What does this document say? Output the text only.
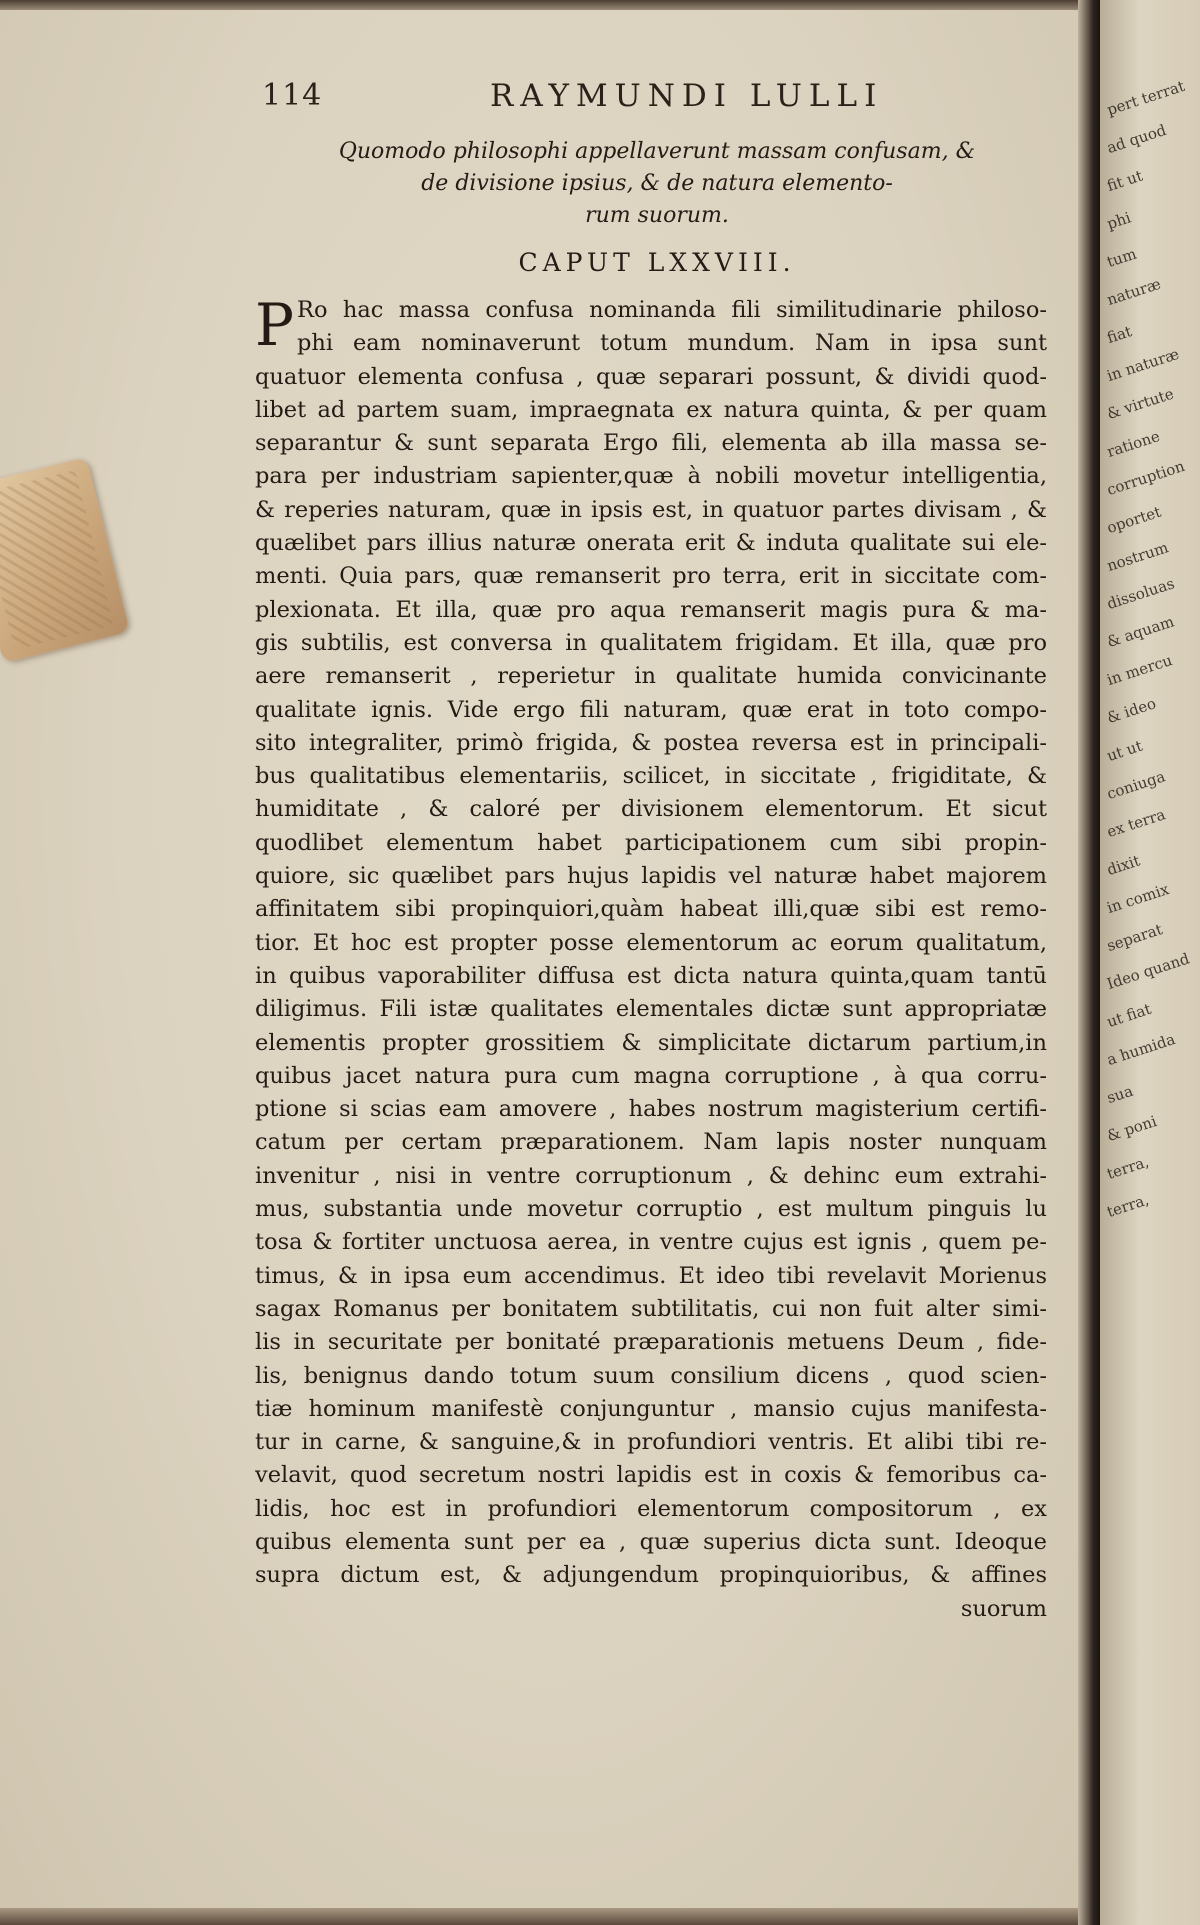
114	RAYMUNDI LULLI
Quomodo philosophi appellaverunt massam confusam, &
de divisione ipsius, & de natura elemento-
rum suorum.
CAPUT LXXVIII.
P Ro hac massa confusa nominanda fili similitudinarie philoso-
phi eam nominaverunt totum mundum. Nam in ipsa sunt
quatuor elementa confusa , quæ separari possunt, & dividi quod-
libet ad partem suam, impraegnata ex natura quinta, & per quam
separantur & sunt separata Ergo fili, elementa ab illa massa se-
para per industriam sapienter,quæ à nobili movetur intelligentia,
& reperies naturam, quæ in ipsis est, in quatuor partes divisam , &
quælibet pars illius naturæ onerata erit & induta qualitate sui ele-
menti. Quia pars, quæ remanserit pro terra, erit in siccitate com-
plexionata. Et illa, quæ pro aqua remanserit magis pura & ma-
gis subtilis, est conversa in qualitatem frigidam. Et illa, quæ pro
aere remanserit , reperietur in qualitate humida convicinante
qualitate ignis. Vide ergo fili naturam, quæ erat in toto compo-
sito integraliter, primò frigida, & postea reversa est in principali-
bus qualitatibus elementariis, scilicet, in siccitate , frigiditate, &
humiditate , & caloré per divisionem elementorum. Et sicut
quodlibet elementum habet participationem cum sibi propin-
quiore, sic quælibet pars hujus lapidis vel naturæ habet majorem
affinitatem sibi propinquiori,quàm habeat illi,quæ sibi est remo-
tior. Et hoc est propter posse elementorum ac eorum qualitatum,
in quibus vaporabiliter diffusa est dicta natura quinta,quam tantū
diligimus. Fili istæ qualitates elementales dictæ sunt appropriatæ
elementis propter grossitiem & simplicitate dictarum partium,in
quibus jacet natura pura cum magna corruptione , à qua corru-
ptione si scias eam amovere , habes nostrum magisterium certifi-
catum per certam præparationem. Nam lapis noster nunquam
invenitur , nisi in ventre corruptionum , & dehinc eum extrahi-
mus, substantia unde movetur corruptio , est multum pinguis lu
tosa & fortiter unctuosa aerea, in ventre cujus est ignis , quem pe-
timus, & in ipsa eum accendimus. Et ideo tibi revelavit Morienus
sagax Romanus per bonitatem subtilitatis, cui non fuit alter simi-
lis in securitate per bonitaté præparationis metuens Deum , fide-
lis, benignus dando totum suum consilium dicens , quod scien-
tiæ hominum manifestè conjunguntur , mansio cujus manifesta-
tur in carne, & sanguine,& in profundiori ventris. Et alibi tibi re-
velavit, quod secretum nostri lapidis est in coxis & femoribus ca-
lidis, hoc est in profundiori elementorum compositorum , ex
quibus elementa sunt per ea , quæ superius dicta sunt. Ideoque
supra dictum est, & adjungendum propinquioribus, & affines
suorum
pert terrat
ad quod
fit ut
phi
tum
naturæ
fiat
in naturæ
& virtute
ratione
corruption
oportet
nostrum
dissoluas
& aquam
in mercu
& ideo
ut ut
coniuga
ex terra
dixit
in comix
separat
Ideo quand
ut fiat
a humida
sua
& poni
terra,
terra,
